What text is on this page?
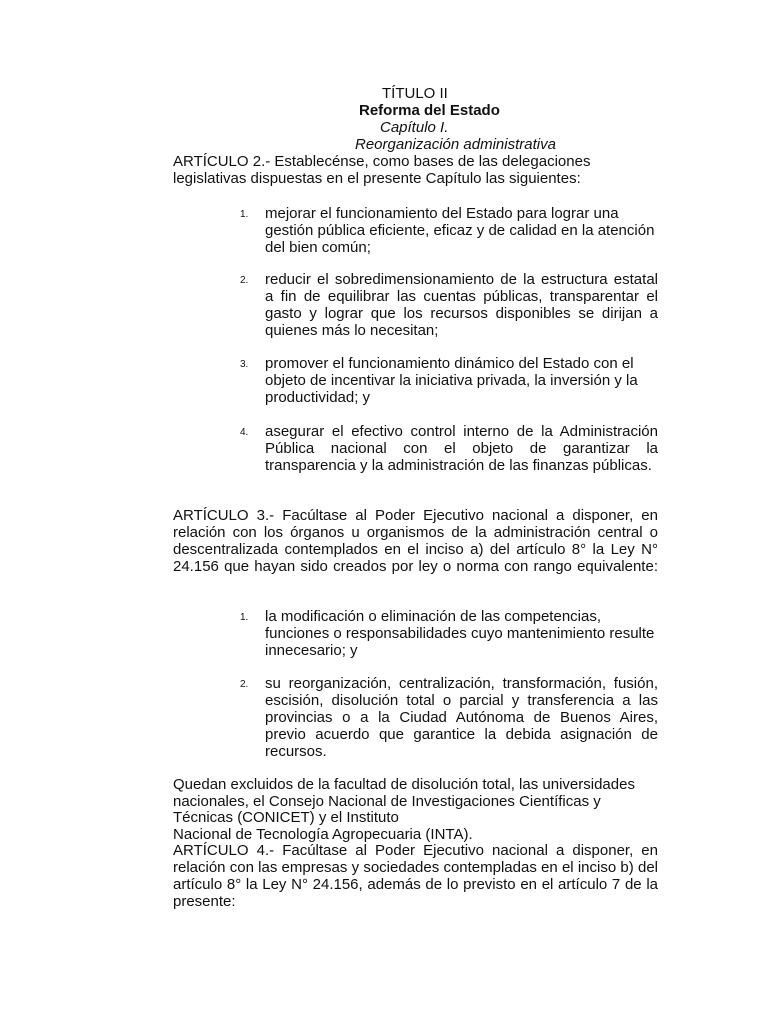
TÍTULO II
Reforma del Estado
Capítulo I.
Reorganización administrativa
ARTÍCULO 2.- Establecénse, como bases de las delegaciones legislativas dispuestas en el presente Capítulo las siguientes:
1. mejorar el funcionamiento del Estado para lograr una gestión pública eficiente, eficaz y de calidad en la atención del bien común;
2. reducir el sobredimensionamiento de la estructura estatal a fin de equilibrar las cuentas públicas, transparentar el gasto y lograr que los recursos disponibles se dirijan a quienes más lo necesitan;
3. promover el funcionamiento dinámico del Estado con el objeto de incentivar la iniciativa privada, la inversión y la productividad; y
4. asegurar el efectivo control interno de la Administración Pública nacional con el objeto de garantizar la transparencia y la administración de las finanzas públicas.
ARTÍCULO 3.- Facúltase al Poder Ejecutivo nacional a disponer, en relación con los órganos u organismos de la administración central o descentralizada contemplados en el inciso a) del artículo 8° la Ley N° 24.156 que hayan sido creados por ley o norma con rango equivalente:
1. la modificación o eliminación de las competencias, funciones o responsabilidades cuyo mantenimiento resulte innecesario; y
2. su reorganización, centralización, transformación, fusión, escisión, disolución total o parcial y transferencia a las provincias o a la Ciudad Autónoma de Buenos Aires, previo acuerdo que garantice la debida asignación de recursos.
Quedan excluidos de la facultad de disolución total, las universidades
nacionales, el Consejo Nacional de Investigaciones Científicas y
Técnicas (CONICET) y el Instituto
Nacional de Tecnología Agropecuaria (INTA).
ARTÍCULO 4.- Facúltase al Poder Ejecutivo nacional a disponer, en relación con las empresas y sociedades contempladas en el inciso b) del artículo 8° la Ley N° 24.156, además de lo previsto en el artículo 7 de la presente:
